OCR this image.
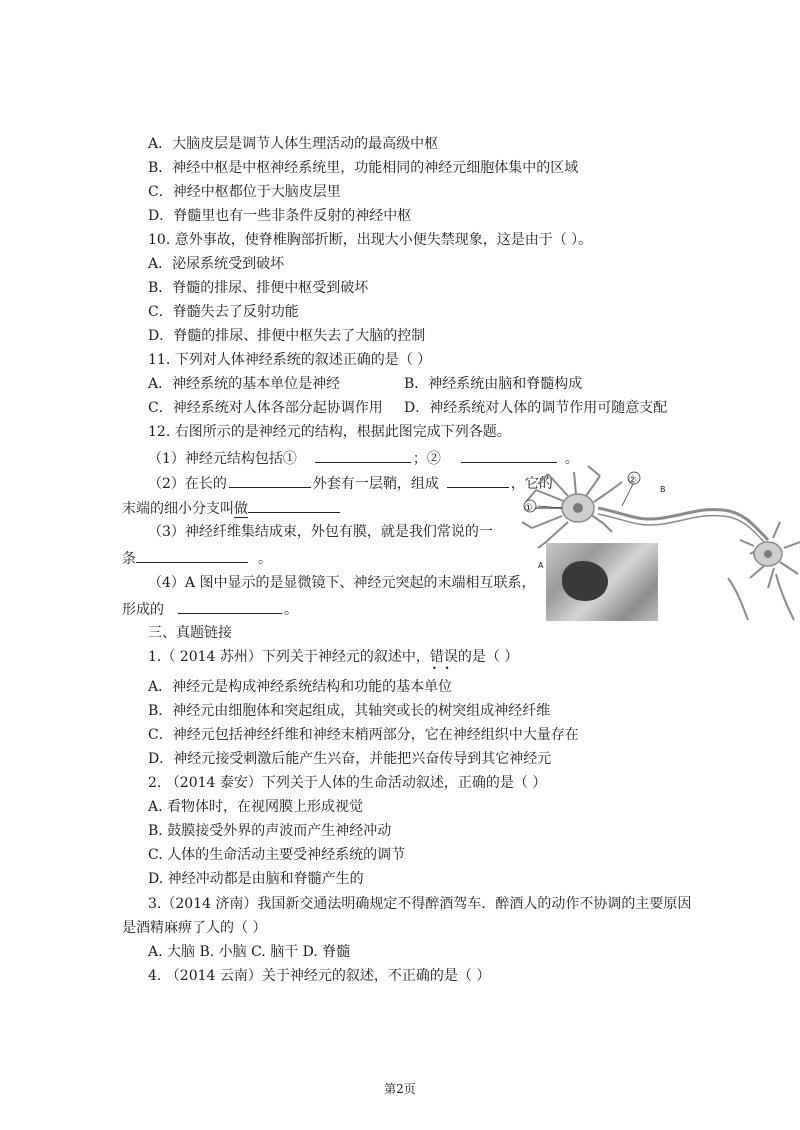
A．大脑皮层是调节人体生理活动的最高级中枢
B．神经中枢是中枢神经系统里，功能相同的神经元细胞体集中的区域
C．神经中枢都位于大脑皮层里
D．脊髓里也有一些非条件反射的神经中枢
10. 意外事故，使脊椎胸部折断，出现大小便失禁现象，这是由于（ ）。
A．泌尿系统受到破坏
B．脊髓的排尿、排便中枢受到破坏
C．脊髓失去了反射功能
D．脊髓的排尿、排便中枢失去了大脑的控制
11. 下列对人体神经系统的叙述正确的是（ ）
A．神经系统的基本单位是神经	B．神经系统由脑和脊髓构成
C．神经系统对人体各部分起协调作用 D．神经系统对人体的调节作用可随意支配
12. 右图所示的是神经元的结构，根据此图完成下列各题。
（1）神经元结构包括①	；②	。
（2）在长的	外套有一层鞘，组成	，它的
末端的细小分支叫做
（3）神经纤维集结成束，外包有膜，就是我们常说的一
条	。
（4）A 图中显示的是显微镜下、神经元突起的末端相互联系，
形成的	。
三、真题链接
1.（ 2014 苏州）下列关于神经元的叙述中，错误的是（ ）
••
A．神经元是构成神经系统结构和功能的基本单位
B．神经元由细胞体和突起组成，其轴突或长的树突组成神经纤维
C．神经元包括神经纤维和神经末梢两部分，它在神经组织中大量存在
D．神经元接受刺激后能产生兴奋，并能把兴奋传导到其它神经元
2. （2014 泰安）下列关于人体的生命活动叙述，正确的是（ ）
A. 看物体时，在视网膜上形成视觉
B. 鼓膜接受外界的声波而产生神经冲动
C. 人体的生命活动主要受神经系统的调节
D. 神经冲动都是由脑和脊髓产生的
3.（2014 济南）我国新交通法明确规定不得醉酒驾车．醉酒人的动作不协调的主要原因
是酒精麻痹了人的（ ）
A. 大脑 B. 小脑 C. 脑干 D. 脊髓
4. （2014 云南）关于神经元的叙述，不正确的是（ ）
①
②
B
A
第2页
